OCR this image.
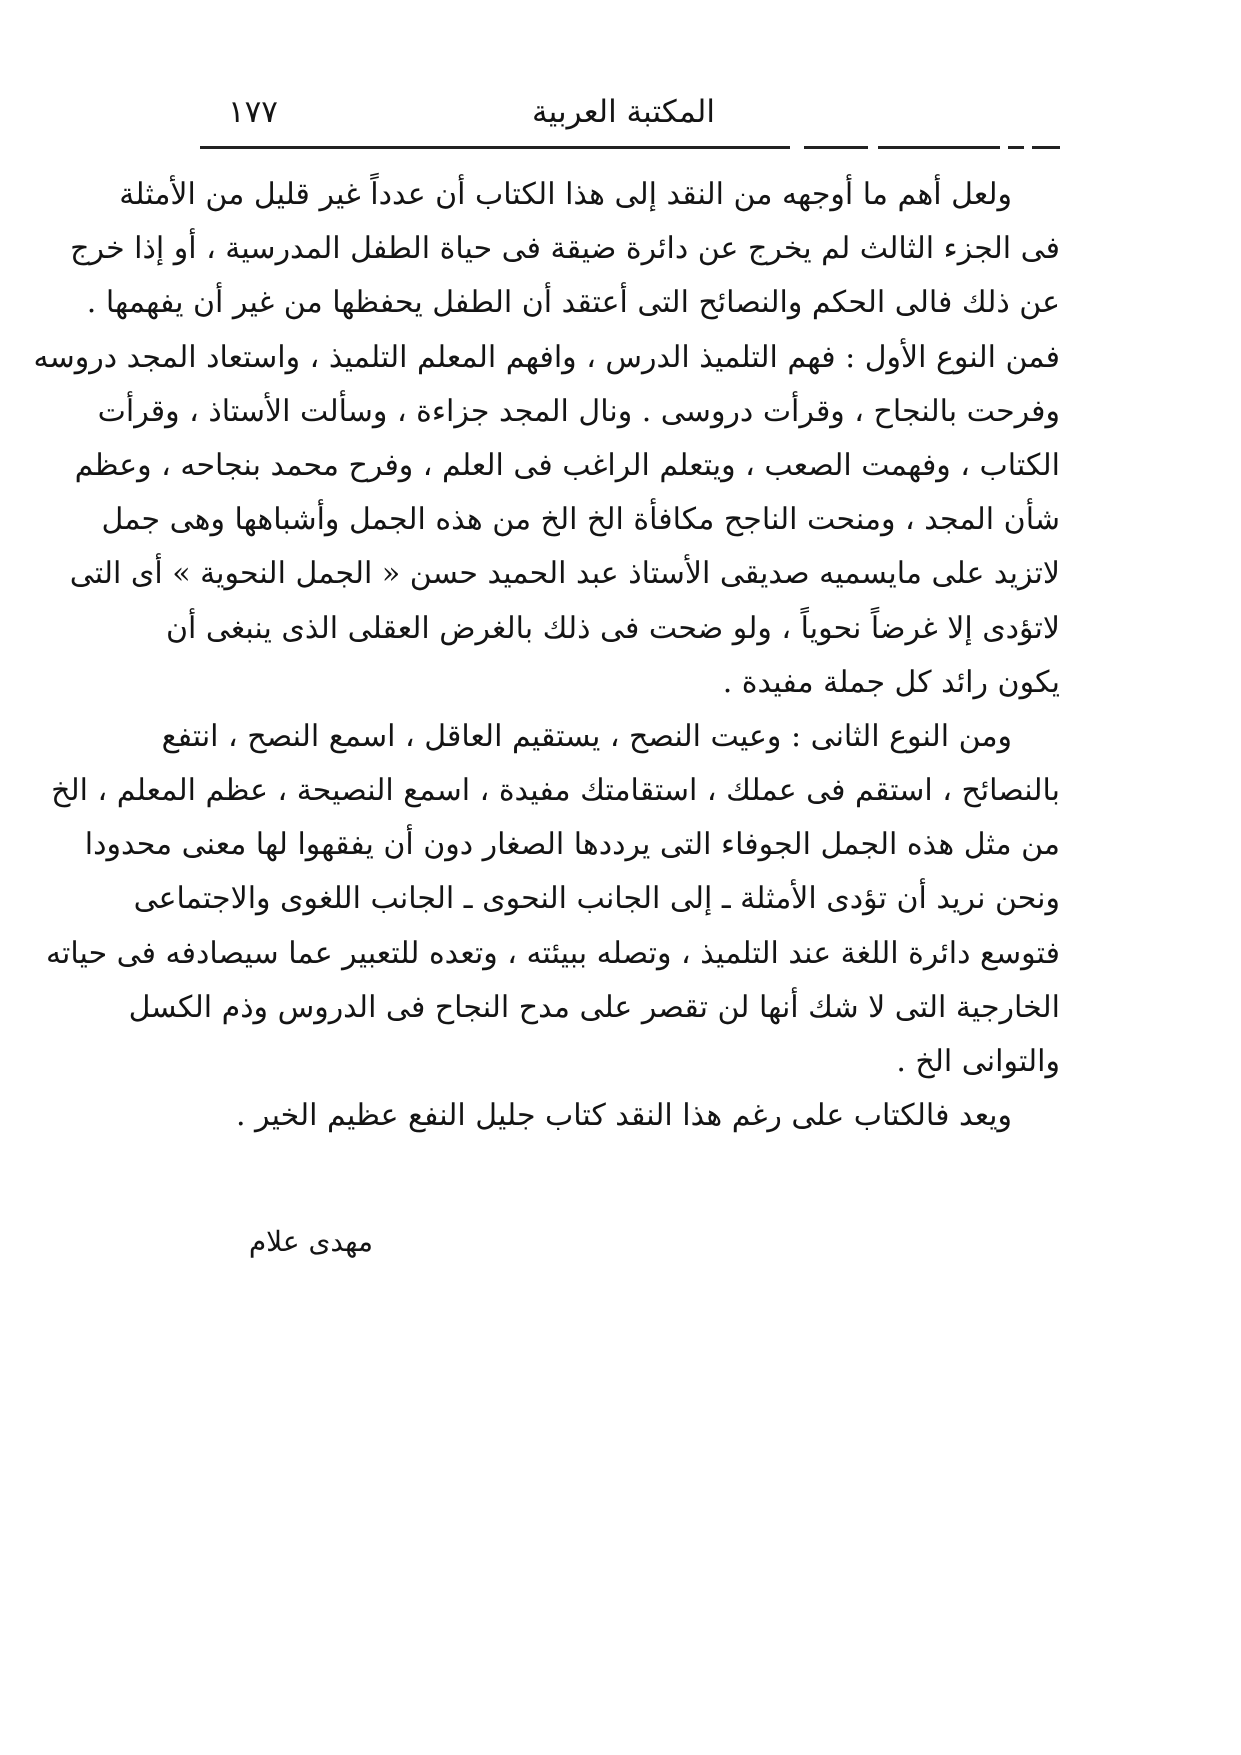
المكتبة العربية
١٧٧
ولعل أهم ما أوجهه من النقد إلى هذا الكتاب أن عدداً غير قليل من الأمثلة
فى الجزء الثالث لم يخرج عن دائرة ضيقة فى حياة الطفل المدرسية ، أو إذا خرج
عن ذلك فالى الحكم والنصائح التى أعتقد أن الطفل يحفظها من غير أن يفهمها .
فمن النوع الأول : فهم التلميذ الدرس ، وافهم المعلم التلميذ ، واستعاد المجد دروسه
وفرحت بالنجاح ، وقرأت دروسى . ونال المجد جزاءة ، وسألت الأستاذ ، وقرأت
الكتاب ، وفهمت الصعب ، ويتعلم الراغب فى العلم ، وفرح محمد بنجاحه ، وعظم
شأن المجد ، ومنحت الناجح مكافأة الخ الخ من هذه الجمل وأشباهها وهى جمل
لاتزيد على مايسميه صديقى الأستاذ عبد الحميد حسن « الجمل النحوية » أى التى
لاتؤدى إلا غرضاً نحوياً ، ولو ضحت فى ذلك بالغرض العقلى الذى ينبغى أن
يكون رائد كل جملة مفيدة .
ومن النوع الثانى : وعيت النصح ، يستقيم العاقل ، اسمع النصح ، انتفع
بالنصائح ، استقم فى عملك ، استقامتك مفيدة ، اسمع النصيحة ، عظم المعلم ، الخ
من مثل هذه الجمل الجوفاء التى يرددها الصغار دون أن يفقهوا لها معنى محدودا
ونحن نريد أن تؤدى الأمثلة ـ إلى الجانب النحوى ـ الجانب اللغوى والاجتماعى
فتوسع دائرة اللغة عند التلميذ ، وتصله ببيئته ، وتعده للتعبير عما سيصادفه فى حياته
الخارجية التى لا شك أنها لن تقصر على مدح النجاح فى الدروس وذم الكسل
والتوانى الخ .
ويعد فالكتاب على رغم هذا النقد كتاب جليل النفع عظيم الخير .
مهدى علام
